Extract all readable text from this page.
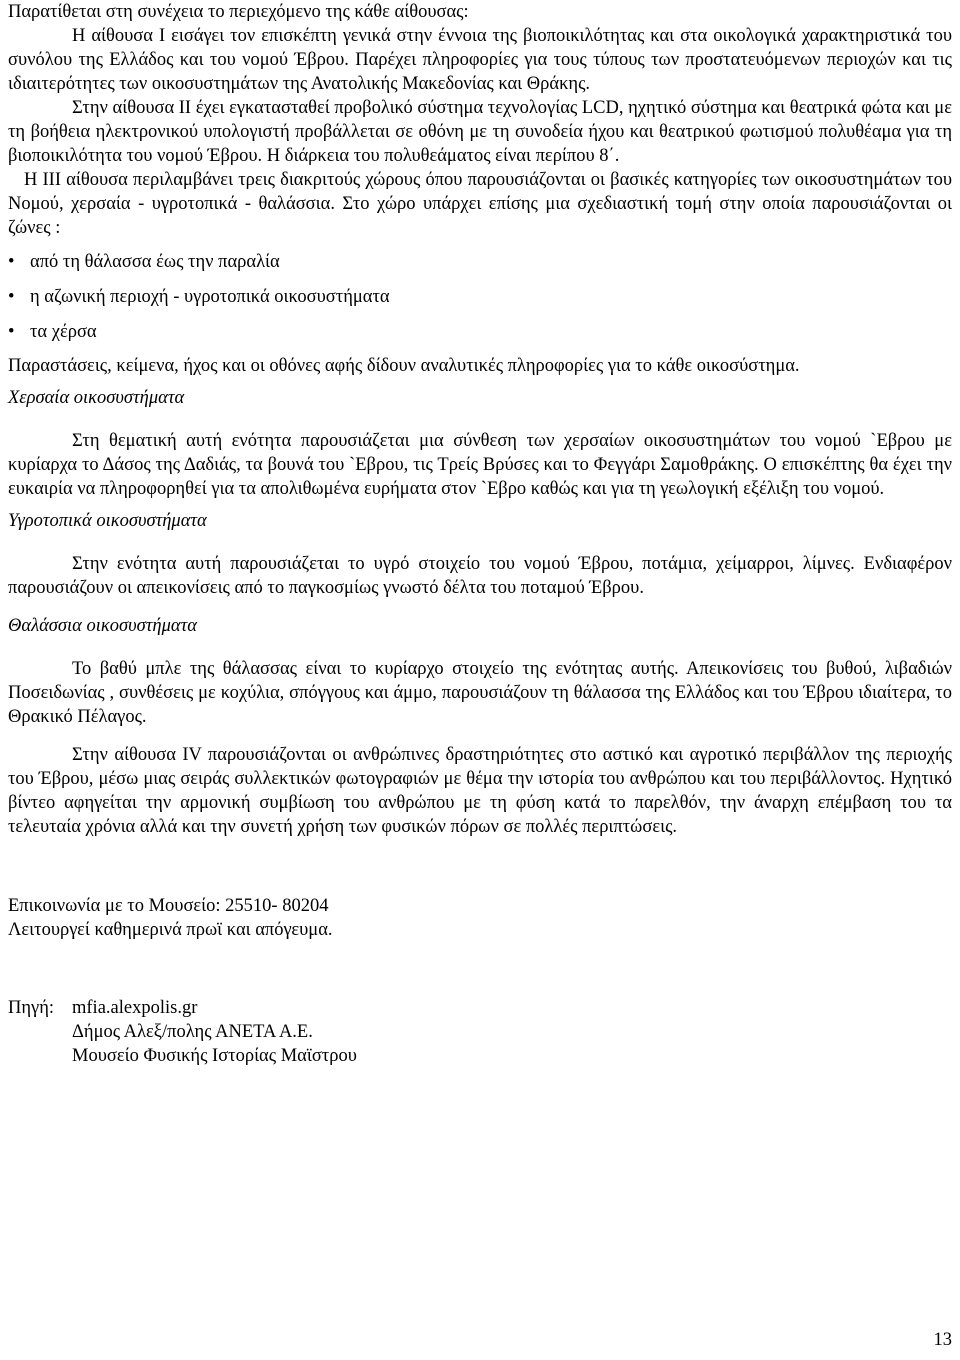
Παρατίθεται στη συνέχεια το περιεχόμενο της κάθε αίθουσας:

Η αίθουσα Ι εισάγει τον επισκέπτη γενικά στην έννοια της βιοποικιλότητας και στα οικολογικά χαρακτηριστικά του συνόλου της Ελλάδος και του νομού Έβρου. Παρέχει πληροφορίες για τους τύπους των προστατευόμενων περιοχών και τις ιδιαιτερότητες των οικοσυστημάτων της Ανατολικής Μακεδονίας και Θράκης.

Στην αίθουσα ΙΙ έχει εγκατασταθεί προβολικό σύστημα τεχνολογίας LCD, ηχητικό σύστημα και θεατρικά φώτα και με τη βοήθεια ηλεκτρονικού υπολογιστή προβάλλεται σε οθόνη με τη συνοδεία ήχου και θεατρικού φωτισμού πολυθέαμα για τη βιοποικιλότητα του νομού Έβρου. Η διάρκεια του πολυθεάματος είναι περίπου 8΄.

Η ΙΙΙ αίθουσα περιλαμβάνει τρεις διακριτούς χώρους όπου παρουσιάζονται οι βασικές κατηγορίες των οικοσυστημάτων του Νομού, χερσαία - υγροτοπικά - θαλάσσια. Στο χώρο υπάρχει επίσης μια σχεδιαστική τομή στην οποία παρουσιάζονται οι ζώνες :

• από τη θάλασσα έως την παραλία
• η αζωνική περιοχή - υγροτοπικά οικοσυστήματα
• τα χέρσα

Παραστάσεις, κείμενα, ήχος και οι οθόνες αφής δίδουν αναλυτικές πληροφορίες για το κάθε οικοσύστημα.

Χερσαία οικοσυστήματα

Στη θεματική αυτή ενότητα παρουσιάζεται μια σύνθεση των χερσαίων οικοσυστημάτων του νομού `Εβρου με κυρίαρχα το Δάσος της Δαδιάς, τα βουνά του `Εβρου, τις Τρείς Βρύσες και το Φεγγάρι Σαμοθράκης. Ο επισκέπτης θα έχει την ευκαιρία να πληροφορηθεί για τα απολιθωμένα ευρήματα στον `Εβρο καθώς και για τη γεωλογική εξέλιξη του νομού.

Υγροτοπικά οικοσυστήματα

Στην ενότητα αυτή παρουσιάζεται το υγρό στοιχείο του νομού Έβρου, ποτάμια, χείμαρροι, λίμνες. Ενδιαφέρον παρουσιάζουν οι απεικονίσεις από το παγκοσμίως γνωστό δέλτα του ποταμού Έβρου.

Θαλάσσια οικοσυστήματα

Το βαθύ μπλε της θάλασσας είναι το κυρίαρχο στοιχείο της ενότητας αυτής. Απεικονίσεις του βυθού, λιβαδιών Ποσειδωνίας , συνθέσεις με κοχύλια, σπόγγους και άμμο, παρουσιάζουν τη θάλασσα της Ελλάδος και του Έβρου ιδιαίτερα, το Θρακικό Πέλαγος.

Στην αίθουσα IV παρουσιάζονται οι ανθρώπινες δραστηριότητες στο αστικό και αγροτικό περιβάλλον της περιοχής του Έβρου, μέσω μιας σειράς συλλεκτικών φωτογραφιών με θέμα την ιστορία του ανθρώπου και του περιβάλλοντος. Ηχητικό βίντεο αφηγείται την αρμονική συμβίωση του ανθρώπου με τη φύση κατά το παρελθόν, την άναρχη επέμβαση του τα τελευταία χρόνια αλλά και την συνετή χρήση των φυσικών πόρων σε πολλές περιπτώσεις.

Επικοινωνία με το Μουσείο: 25510- 80204

Λειτουργεί καθημερινά πρωϊ και απόγευμα.

Πηγή: mfia.alexpolis.gr
Δήμος Αλεξ/πολης ΑΝΕΤΑ Α.Ε.
Μουσείο Φυσικής Ιστορίας Μαϊστρου
13
